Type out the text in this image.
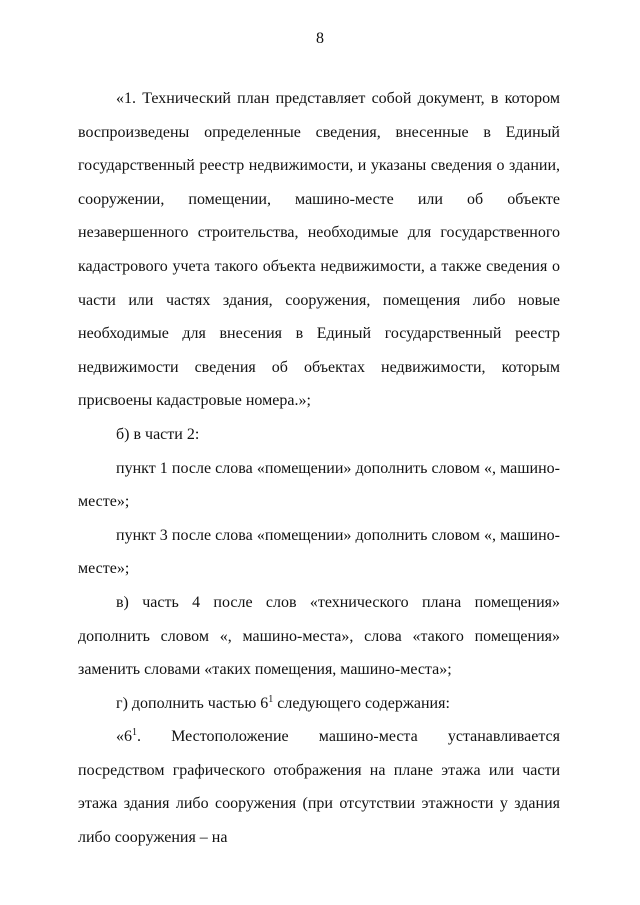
8

«1. Технический план представляет собой документ, в котором воспроизведены определенные сведения, внесенные в Единый государственный реестр недвижимости, и указаны сведения о здании, сооружении, помещении, машино-месте или об объекте незавершенного строительства, необходимые для государственного кадастрового учета такого объекта недвижимости, а также сведения о части или частях здания, сооружения, помещения либо новые необходимые для внесения в Единый государственный реестр недвижимости сведения об объектах недвижимости, которым присвоены кадастровые номера.»;

б) в части 2:

пункт 1 после слова «помещении» дополнить словом «, машино-месте»;

пункт 3 после слова «помещении» дополнить словом «, машино-месте»;

в) часть 4 после слов «технического плана помещения» дополнить словом «, машино-места», слова «такого помещения» заменить словами «таких помещения, машино-места»;

г) дополнить частью $6^1$ следующего содержания:

«$6^1$. Местоположение машино-места устанавливается посредством графического отображения на плане этажа или части этажа здания либо сооружения (при отсутствии этажности у здания либо сооружения – на
